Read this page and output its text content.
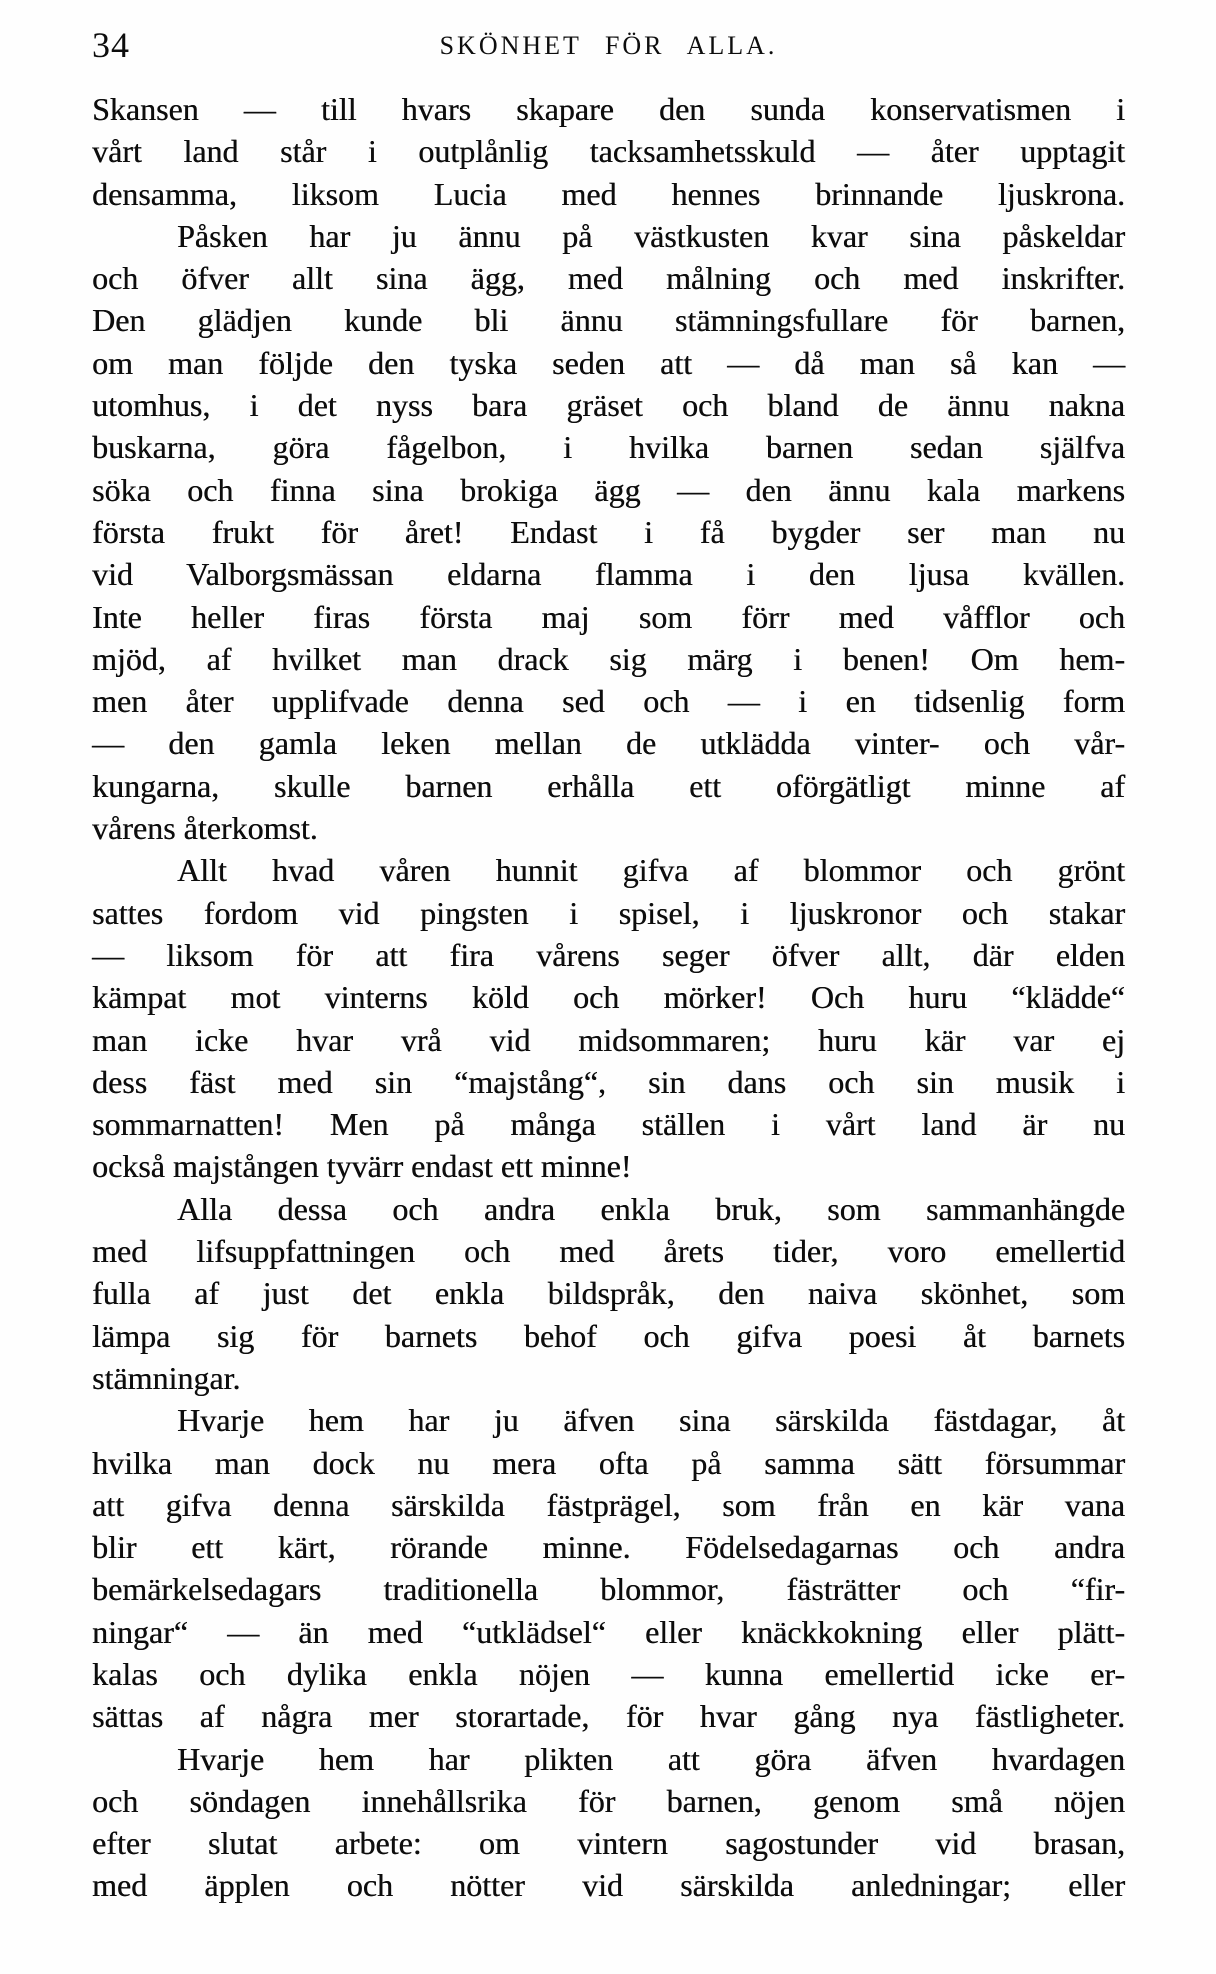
34	SKÖNHET FÖR ALLA.
Skansen — till hvars skapare den sunda konservatismen i
vårt land står i outplånlig tacksamhetsskuld — åter upptagit
densamma, liksom Lucia med hennes brinnande ljuskrona.
Påsken har ju ännu på västkusten kvar sina påskeldar
och öfver allt sina ägg, med målning och med inskrifter.
Den glädjen kunde bli ännu stämningsfullare för barnen,
om man följde den tyska seden att — då man så kan —
utomhus, i det nyss bara gräset och bland de ännu nakna
buskarna, göra fågelbon, i hvilka barnen sedan själfva
söka och finna sina brokiga ägg — den ännu kala markens
första frukt för året! Endast i få bygder ser man nu
vid Valborgsmässan eldarna flamma i den ljusa kvällen.
Inte heller firas första maj som förr med våfflor och
mjöd, af hvilket man drack sig märg i benen! Om hem-
men åter upplifvade denna sed och — i en tidsenlig form
— den gamla leken mellan de utklädda vinter- och vår-
kungarna, skulle barnen erhålla ett oförgätligt minne af
vårens återkomst.
Allt hvad våren hunnit gifva af blommor och grönt
sattes fordom vid pingsten i spisel, i ljuskronor och stakar
— liksom för att fira vårens seger öfver allt, där elden
kämpat mot vinterns köld och mörker! Och huru “klädde“
man icke hvar vrå vid midsommaren; huru kär var ej
dess fäst med sin “majstång“, sin dans och sin musik i
sommarnatten! Men på många ställen i vårt land är nu
också majstången tyvärr endast ett minne!
Alla dessa och andra enkla bruk, som sammanhängde
med lifsuppfattningen och med årets tider, voro emellertid
fulla af just det enkla bildspråk, den naiva skönhet, som
lämpa sig för barnets behof och gifva poesi åt barnets
stämningar.
Hvarje hem har ju äfven sina särskilda fästdagar, åt
hvilka man dock nu mera ofta på samma sätt försummar
att gifva denna särskilda fästprägel, som från en kär vana
blir ett kärt, rörande minne. Födelsedagarnas och andra
bemärkelsedagars traditionella blommor, fästrätter och “fir-
ningar“ — än med “utklädsel“ eller knäckkokning eller plätt-
kalas och dylika enkla nöjen — kunna emellertid icke er-
sättas af några mer storartade, för hvar gång nya fästligheter.
Hvarje hem har plikten att göra äfven hvardagen
och söndagen innehållsrika för barnen, genom små nöjen
efter slutat arbete: om vintern sagostunder vid brasan,
med äpplen och nötter vid särskilda anledningar; eller
